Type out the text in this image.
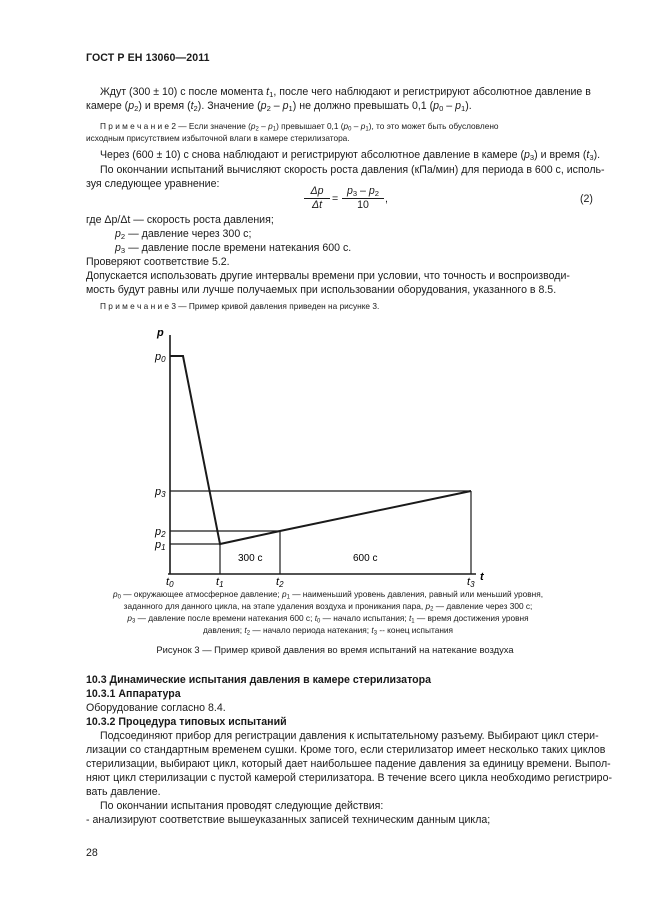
ГОСТ Р ЕН 13060—2011
Ждут (300 ± 10) с после момента $t_1$, после чего наблюдают и регистрируют абсолютное давление в
камере $(p_2)$ и время $(t_2)$. Значение $(p_2 - p_1)$ не должно превышать 0,1 $(p_0 - p_1)$.
П р и м е ч а н и е 2 — Если значение $(p_2 - p_1)$ превышает 0,1 $(p_0 - p_1)$, то это может быть обусловлено
исходным присутствием избыточной влаги в камере стерилизатора.
Через (600 ± 10) с снова наблюдают и регистрируют абсолютное давление в камере $(p_3)$ и время $(t_3)$.
По окончании испытаний вычисляют скорость роста давления (кПа/мин) для периода в 600 с, исполь-
зуя следующее уравнение:
$\frac{\Delta p}{\Delta t} = \frac{p_3 - p_2}{10}$ ,	(2)
где Δp/Δt — скорость роста давления;
$p_2$ — давление через 300 с;
$p_3$ — давление после времени натекания 600 с.
Проверяют соответствие 5.2.
Допускается использовать другие интервалы времени при условии, что точность и воспроизводи-
мость будут равны или лучше получаемых при использовании оборудования, указанного в 8.5.
П р и м е ч а н и е 3 — Пример кривой давления приведен на рисунке 3.
p
p0
p3
p2
p1
t0	t1	t2	t3
t
300 с	600 с
$p_0$ — окружающее атмосферное давление; $p_1$ — наименьший уровень давления, равный или меньший уровня,
заданного для данного цикла, на этапе удаления воздуха и проникания пара, $p_2$ — давление через 300 с;
$p_3$ — давление после времени натекания 600 с; $t_0$ — начало испытания; $t_1$ — время достижения уровня
давления; $t_2$ — начало периода натекания; $t_3$ -- конец испытания
Рисунок 3 — Пример кривой давления во время испытаний на натекание воздуха
10.3 Динамические испытания давления в камере стерилизатора
10.3.1 Аппаратура
Оборудование согласно 8.4.
10.3.2 Процедура типовых испытаний
Подсоединяют прибор для регистрации давления к испытательному разъему. Выбирают цикл стери-
лизации со стандартным временем сушки. Кроме того, если стерилизатор имеет несколько таких циклов
стерилизации, выбирают цикл, который дает наибольшее падение давления за единицу времени. Выпол-
няют цикл стерилизации с пустой камерой стерилизатора. В течение всего цикла необходимо регистриро-
вать давление.
По окончании испытания проводят следующие действия:
- анализируют соответствие вышеуказанных записей техническим данным цикла;
28
